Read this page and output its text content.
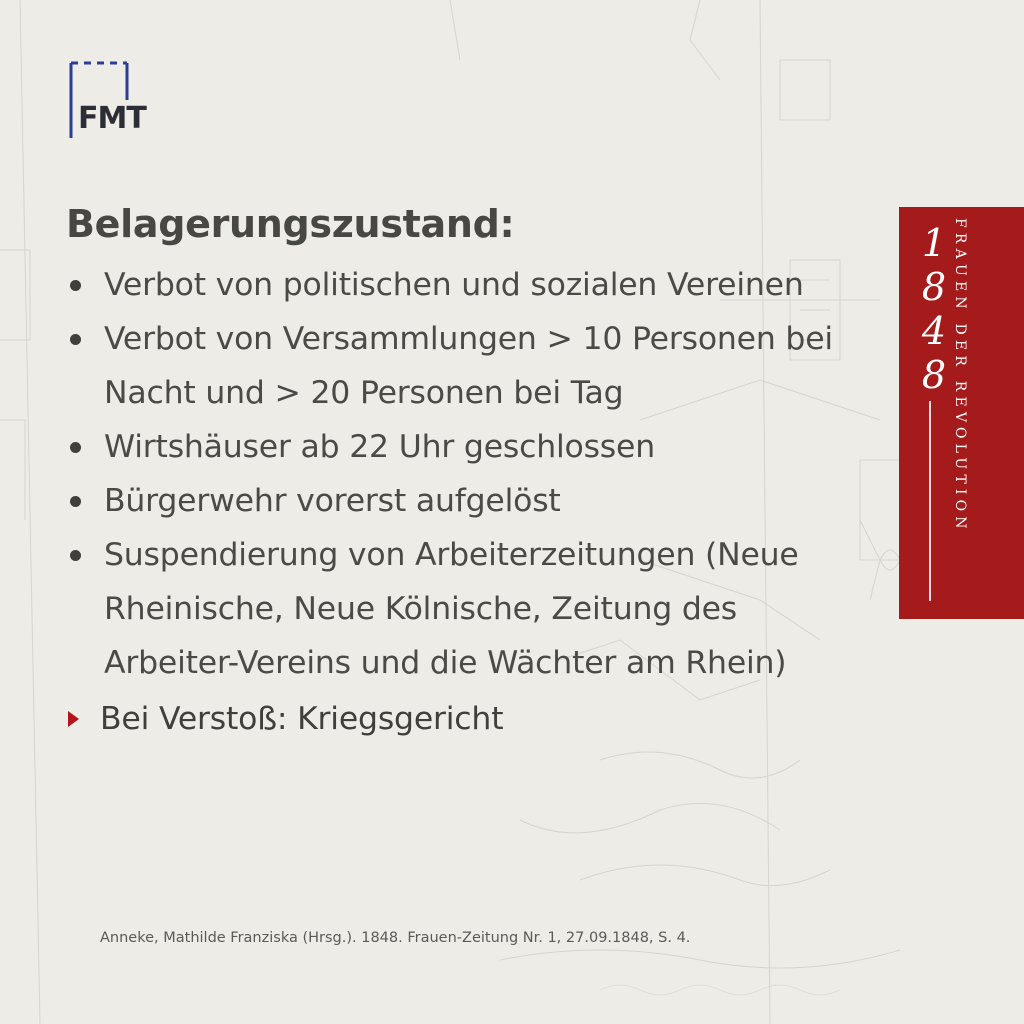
FMT
Belagerungszustand:
Verbot von politischen und sozialen Vereinen
Verbot von Versammlungen > 10 Personen bei Nacht und > 20 Personen bei Tag
Wirtshäuser ab 22 Uhr geschlossen
Bürgerwehr vorerst aufgelöst
Suspendierung von Arbeiterzeitungen (Neue Rheinische, Neue Kölnische, Zeitung des Arbeiter-Vereins und die Wächter am Rhein)
Bei Verstoß: Kriegsgericht
Anneke, Mathilde Franziska (Hrsg.). 1848. Frauen-Zeitung Nr. 1, 27.09.1848, S. 4.
1
8
4
8 FRAUEN DER REVOLUTION
